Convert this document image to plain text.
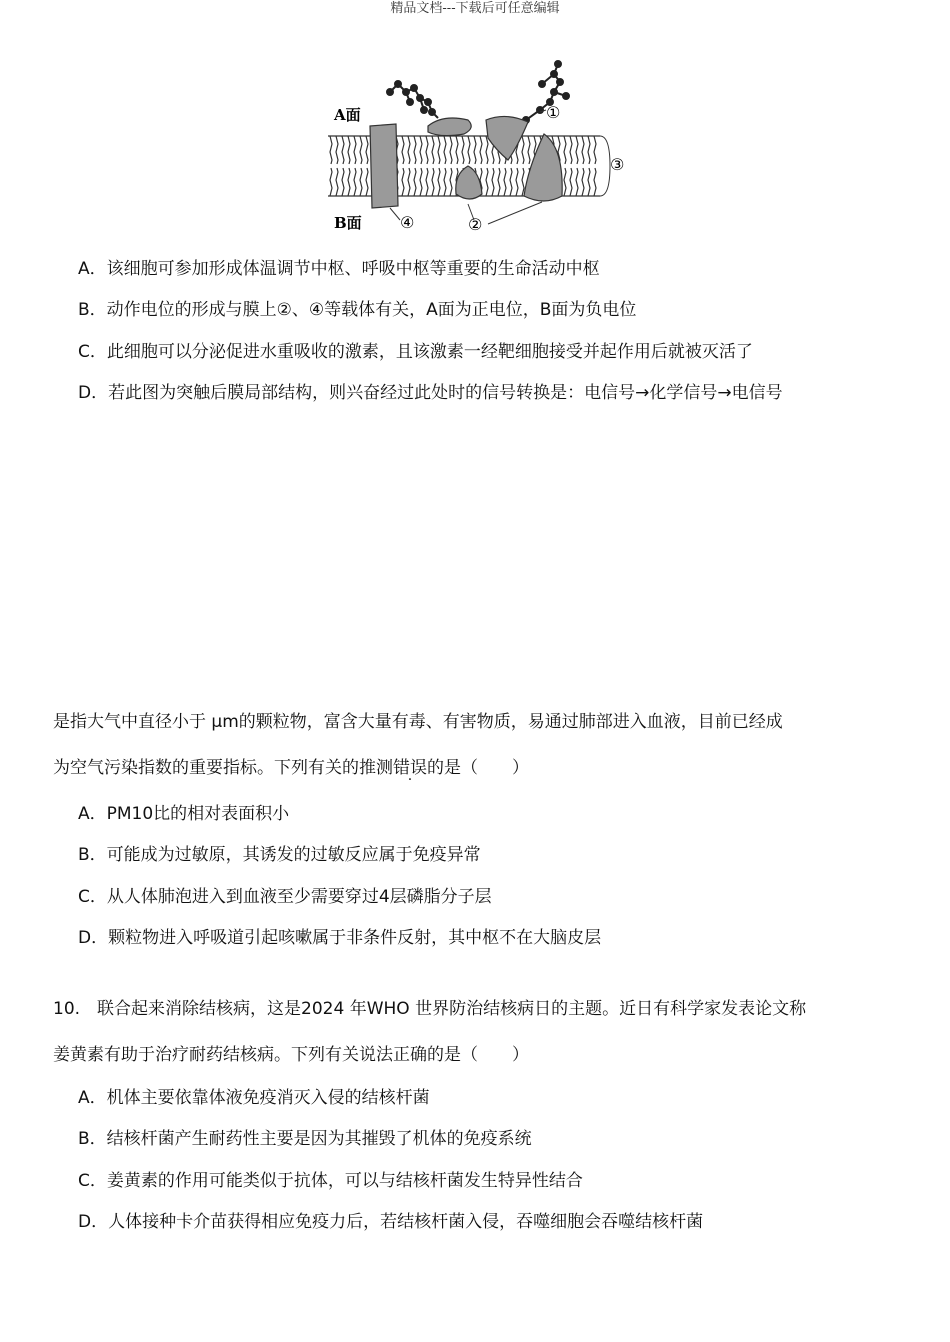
精品文档---下载后可任意编辑
A面
B面
①
③
④	②
A．该细胞可参加形成体温调节中枢、呼吸中枢等重要的生命活动中枢
B．动作电位的形成与膜上②、④等载体有关，A面为正电位，B面为负电位
C．此细胞可以分泌促进水重吸收的激素，且该激素一经靶细胞接受并起作用后就被灭活了
D．若此图为突触后膜局部结构，则兴奋经过此处时的信号转换是：电信号→化学信号→电信号
是指大气中直径小于 μm的颗粒物，富含大量有毒、有害物质，易通过肺部进入血液，目前已经成
为空气污染指数的重要指标。下列有关的推测错误的是（　　）
A．PM10比的相对表面积小
B．可能成为过敏原，其诱发的过敏反应属于免疫异常
C．从人体肺泡进入到血液至少需要穿过4层磷脂分子层
D．颗粒物进入呼吸道引起咳嗽属于非条件反射，其中枢不在大脑皮层
10.　联合起来消除结核病，这是2024 年WHO 世界防治结核病日的主题。近日有科学家发表论文称
姜黄素有助于治疗耐药结核病。下列有关说法正确的是（　　）
A．机体主要依靠体液免疫消灭入侵的结核杆菌
B．结核杆菌产生耐药性主要是因为其摧毁了机体的免疫系统
C．姜黄素的作用可能类似于抗体，可以与结核杆菌发生特异性结合
D．人体接种卡介苗获得相应免疫力后，若结核杆菌入侵，吞噬细胞会吞噬结核杆菌
